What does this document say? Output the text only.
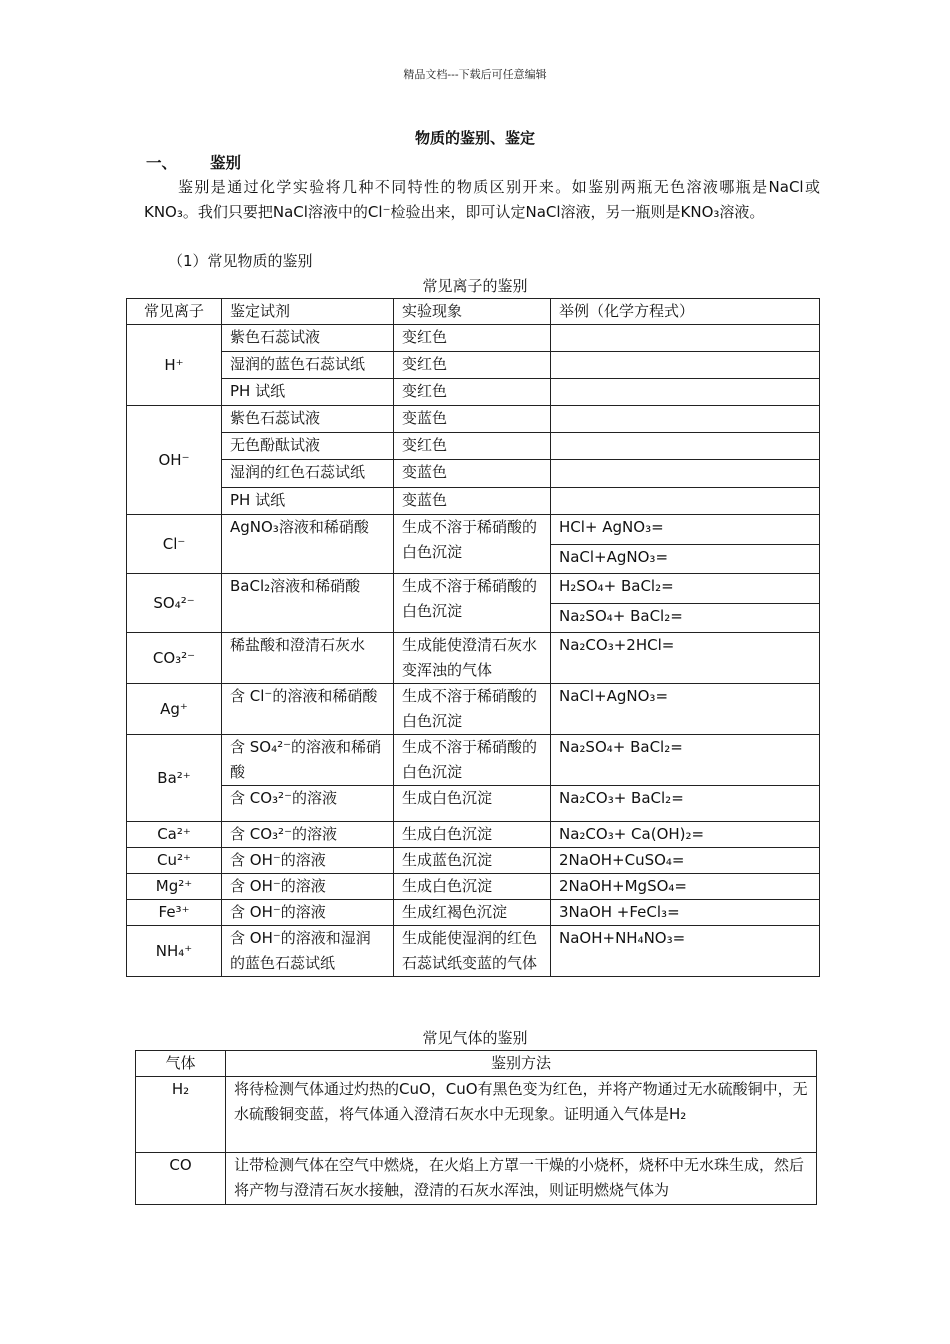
精品文档---下载后可任意编辑
物质的鉴别、鉴定
一、 鉴别
鉴别是通过化学实验将几种不同特性的物质区别开来。如鉴别两瓶无色溶液哪瓶是NaCl或KNO₃。我们只要把NaCl溶液中的Cl⁻检验出来，即可认定NaCl溶液，另一瓶则是KNO₃溶液。
（1）常见物质的鉴别
常见离子的鉴别
常见离子	鉴定试剂	实验现象	举例（化学方程式）
H⁺	紫色石蕊试液	变红色	
	湿润的蓝色石蕊试纸	变红色	
	PH 试纸	变红色	
OH⁻	紫色石蕊试液	变蓝色	
	无色酚酞试液	变红色	
	湿润的红色石蕊试纸	变蓝色	
	PH 试纸	变蓝色	
Cl⁻	AgNO₃溶液和稀硝酸	生成不溶于稀硝酸的白色沉淀	HCl+ AgNO₃=
			NaCl+AgNO₃=
SO₄²⁻	BaCl₂溶液和稀硝酸	生成不溶于稀硝酸的白色沉淀	H₂SO₄+ BaCl₂=
			Na₂SO₄+ BaCl₂=
CO₃²⁻	稀盐酸和澄清石灰水	生成能使澄清石灰水变浑浊的气体	Na₂CO₃+2HCl=
Ag⁺	含 Cl⁻的溶液和稀硝酸	生成不溶于稀硝酸的白色沉淀	NaCl+AgNO₃=
Ba²⁺	含 SO₄²⁻的溶液和稀硝酸	生成不溶于稀硝酸的白色沉淀	Na₂SO₄+ BaCl₂=
	含 CO₃²⁻的溶液	生成白色沉淀	Na₂CO₃+ BaCl₂=
Ca²⁺	含 CO₃²⁻的溶液	生成白色沉淀	Na₂CO₃+ Ca(OH)₂=
Cu²⁺	含 OH⁻的溶液	生成蓝色沉淀	2NaOH+CuSO₄=
Mg²⁺	含 OH⁻的溶液	生成白色沉淀	2NaOH+MgSO₄=
Fe³⁺	含 OH⁻的溶液	生成红褐色沉淀	3NaOH +FeCl₃=
NH₄⁺	含 OH⁻的溶液和湿润的蓝色石蕊试纸	生成能使湿润的红色石蕊试纸变蓝的气体	NaOH+NH₄NO₃=
常见气体的鉴别
气体	鉴别方法
H₂	将待检测气体通过灼热的CuO，CuO有黑色变为红色，并将产物通过无水硫酸铜中，无水硫酸铜变蓝，将气体通入澄清石灰水中无现象。证明通入气体是H₂
CO	让带检测气体在空气中燃烧，在火焰上方罩一干燥的小烧杯，烧杯中无水珠生成，然后将产物与澄清石灰水接触，澄清的石灰水浑浊，则证明燃烧气体为
